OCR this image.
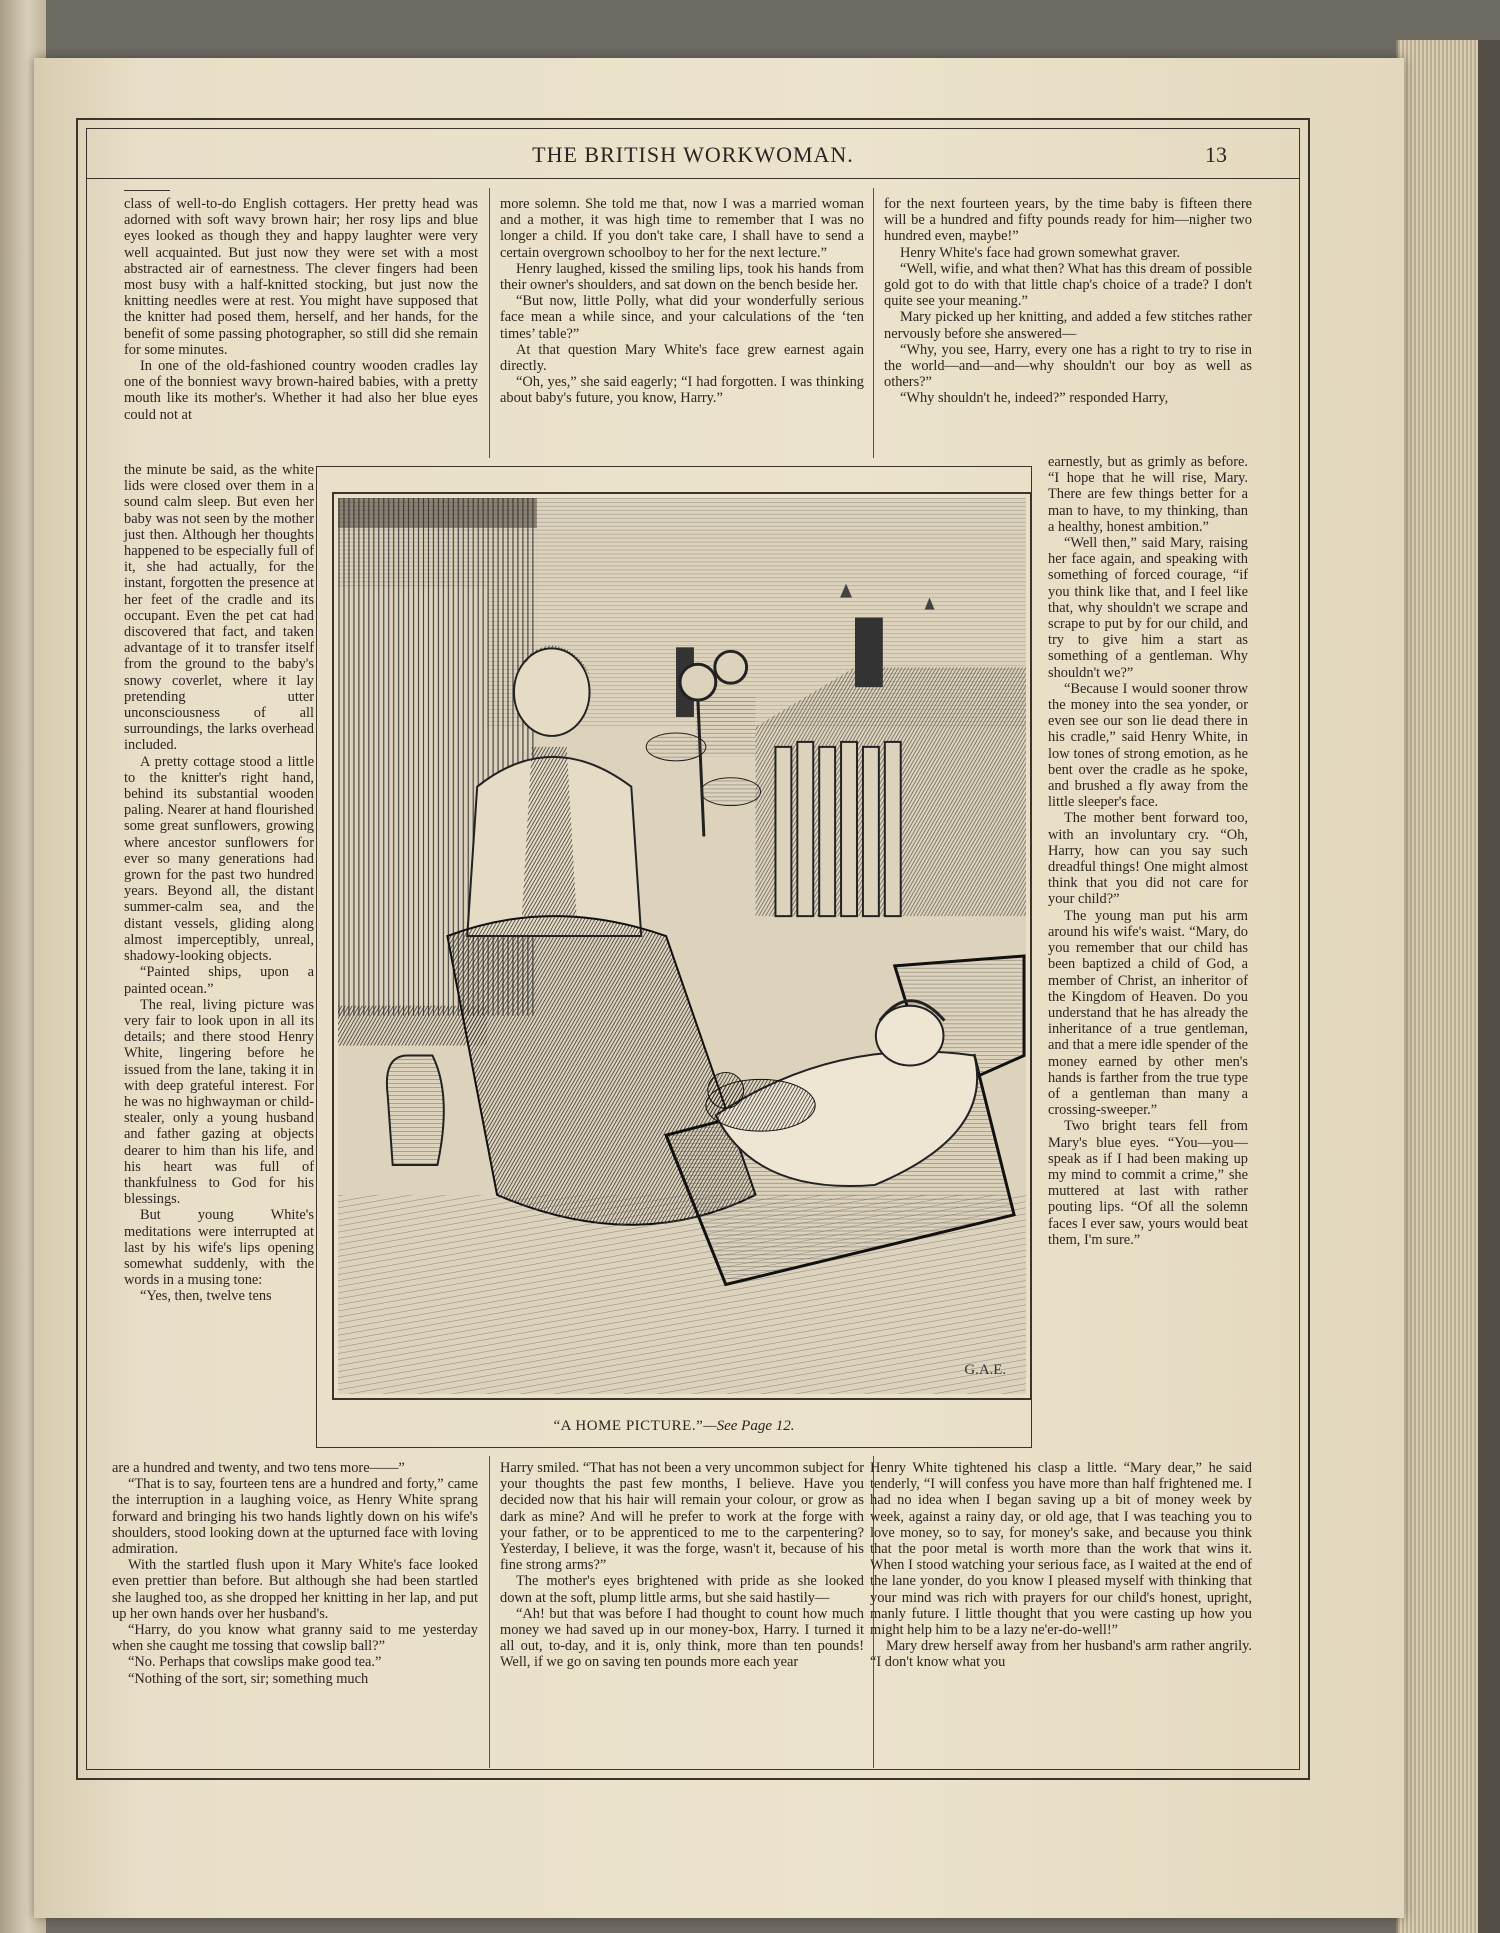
THE BRITISH WORKWOMAN.	13

class of well-to-do English cottagers. Her pretty head was adorned with soft wavy brown hair; her rosy lips and blue eyes looked as though they and happy laughter were very well acquainted. But just now they were set with a most abstracted air of earnestness. The clever fingers had been most busy with a half-knitted stocking, but just now the knitting needles were at rest. You might have supposed that the knitter had posed them, herself, and her hands, for the benefit of some passing photographer, so still did she remain for some minutes.

In one of the old-fashioned country wooden cradles lay one of the bonniest wavy brown-haired babies, with a pretty mouth like its mother's. Whether it had also her blue eyes could not at

the minute be said, as the white lids were closed over them in a sound calm sleep. But even her baby was not seen by the mother just then. Although her thoughts happened to be especially full of it, she had actually, for the instant, forgotten the presence at her feet of the cradle and its occupant. Even the pet cat had discovered that fact, and taken advantage of it to transfer itself from the ground to the baby's snowy coverlet, where it lay pretending utter unconsciousness of all surroundings, the larks overhead included.

A pretty cottage stood a little to the knitter's right hand, behind its substantial wooden paling. Nearer at hand flourished some great sunflowers, growing where ancestor sunflowers for ever so many generations had grown for the past two hundred years. Beyond all, the distant summer-calm sea, and the distant vessels, gliding along almost imperceptibly, unreal, shadowy-looking objects.

“Painted ships, upon a painted ocean.”

The real, living picture was very fair to look upon in all its details; and there stood Henry White, lingering before he issued from the lane, taking it in with deep grateful interest. For he was no highwayman or child-stealer, only a young husband and father gazing at objects dearer to him than his life, and his heart was full of thankfulness to God for his blessings.

But young White's meditations were interrupted at last by his wife's lips opening somewhat suddenly, with the words in a musing tone:

“Yes, then, twelve tens

are a hundred and twenty, and two tens more——”

“That is to say, fourteen tens are a hundred and forty,” came the interruption in a laughing voice, as Henry White sprang forward and bringing his two hands lightly down on his wife's shoulders, stood looking down at the upturned face with loving admiration.

With the startled flush upon it Mary White's face looked even prettier than before. But although she had been startled she laughed too, as she dropped her knitting in her lap, and put up her own hands over her husband's.

“Harry, do you know what granny said to me yesterday when she caught me tossing that cowslip ball?”

“No. Perhaps that cowslips make good tea.”

“Nothing of the sort, sir; something much

more solemn. She told me that, now I was a married woman and a mother, it was high time to remember that I was no longer a child. If you don't take care, I shall have to send a certain overgrown schoolboy to her for the next lecture.”

Henry laughed, kissed the smiling lips, took his hands from their owner's shoulders, and sat down on the bench beside her.

“But now, little Polly, what did your wonderfully serious face mean a while since, and your calculations of the ‘ten times’ table?”

At that question Mary White's face grew earnest again directly.

“Oh, yes,” she said eagerly; “I had forgotten. I was thinking about baby's future, you know, Harry.”

Harry smiled. “That has not been a very uncommon subject for your thoughts the past few months, I believe. Have you decided now that his hair will remain your colour, or grow as dark as mine? And will he prefer to work at the forge with your father, or to be apprenticed to me to the carpentering? Yesterday, I believe, it was the forge, wasn't it, because of his fine strong arms?”

The mother's eyes brightened with pride as she looked down at the soft, plump little arms, but she said hastily—

“Ah! but that was before I had thought to count how much money we had saved up in our money-box, Harry. I turned it all out, to-day, and it is, only think, more than ten pounds! Well, if we go on saving ten pounds more each year

for the next fourteen years, by the time baby is fifteen there will be a hundred and fifty pounds ready for him—nigher two hundred even, maybe!”

Henry White's face had grown somewhat graver.

“Well, wifie, and what then? What has this dream of possible gold got to do with that little chap's choice of a trade? I don't quite see your meaning.”

Mary picked up her knitting, and added a few stitches rather nervously before she answered—

“Why, you see, Harry, every one has a right to try to rise in the world—and—and—why shouldn't our boy as well as others?”

“Why shouldn't he, indeed?” responded Harry,

earnestly, but as grimly as before. “I hope that he will rise, Mary. There are few things better for a man to have, to my thinking, than a healthy, honest ambition.”

“Well then,” said Mary, raising her face again, and speaking with something of forced courage, “if you think like that, and I feel like that, why shouldn't we scrape and scrape to put by for our child, and try to give him a start as something of a gentleman. Why shouldn't we?”

“Because I would sooner throw the money into the sea yonder, or even see our son lie dead there in his cradle,” said Henry White, in low tones of strong emotion, as he bent over the cradle as he spoke, and brushed a fly away from the little sleeper's face.

The mother bent forward too, with an involuntary cry. “Oh, Harry, how can you say such dreadful things! One might almost think that you did not care for your child?”

The young man put his arm around his wife's waist. “Mary, do you remember that our child has been baptized a child of God, a member of Christ, an inheritor of the Kingdom of Heaven. Do you understand that he has already the inheritance of a true gentleman, and that a mere idle spender of the money earned by other men's hands is farther from the true type of a gentleman than many a crossing-sweeper.”

Two bright tears fell from Mary's blue eyes. “You—you—speak as if I had been making up my mind to commit a crime,” she muttered at last with rather pouting lips. “Of all the solemn faces I ever saw, yours would beat them, I'm sure.”

Henry White tightened his clasp a little. “Mary dear,” he said tenderly, “I will confess you have more than half frightened me. I had no idea when I began saving up a bit of money week by week, against a rainy day, or old age, that I was teaching you to love money, so to say, for money's sake, and because you think that the poor metal is worth more than the work that wins it. When I stood watching your serious face, as I waited at the end of the lane yonder, do you know I pleased myself with thinking that your mind was rich with prayers for our child's honest, upright, manly future. I little thought that you were casting up how you might help him to be a lazy ne'er-do-well!”

Mary drew herself away from her husband's arm rather angrily. “I don't know what you

G.A.E.
“A HOME PICTURE.”—See Page 12.
